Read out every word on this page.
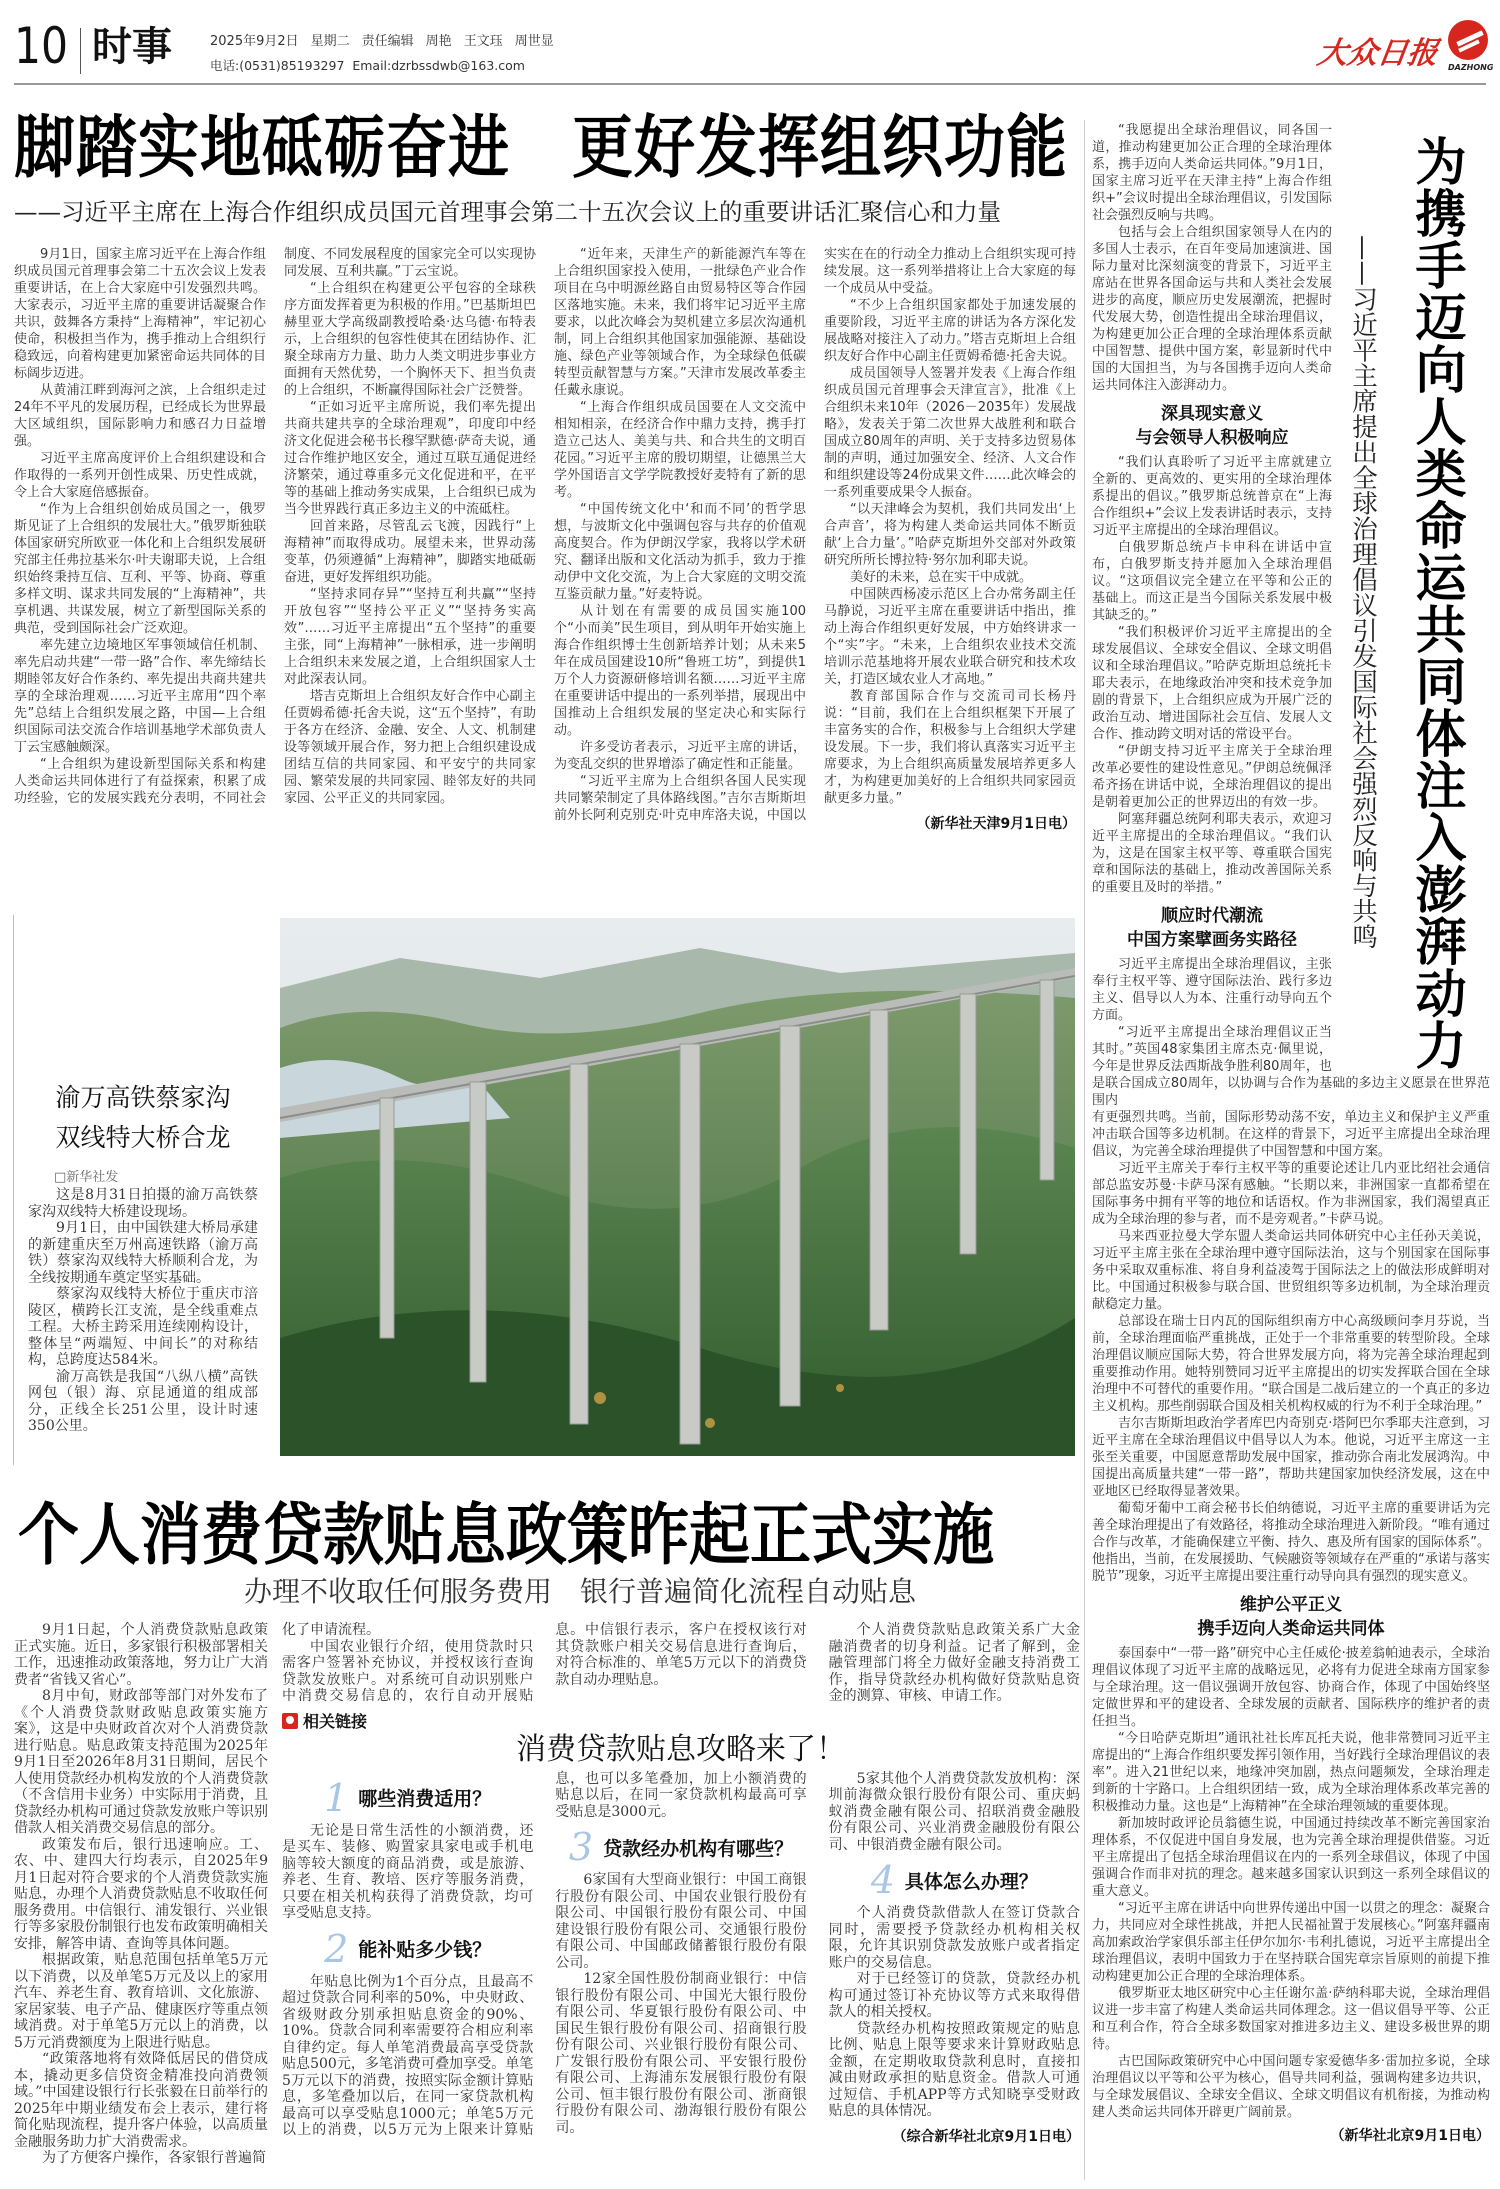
10 时事	2025年9月2日 星期二 责任编辑 周艳 王文珏 周世显
电话:(0531)85193297  Email:dzrbssdwb@163.com	大众日报 DAZHONG
脚踏实地砥砺奋进　更好发挥组织功能
——习近平主席在上海合作组织成员国元首理事会第二十五次会议上的重要讲话汇聚信心和力量

9月1日，国家主席习近平在上海合作组织成员国元首理事会第二十五次会议上发表重要讲话，在上合大家庭中引发强烈共鸣。大家表示，习近平主席的重要讲话凝聚合作共识，鼓舞各方秉持“上海精神”，牢记初心使命，积极担当作为，携手推动上合组织行稳致远，向着构建更加紧密命运共同体的目标阔步迈进。

从黄浦江畔到海河之滨，上合组织走过24年不平凡的发展历程，已经成长为世界最大区域组织，国际影响力和感召力日益增强。

习近平主席高度评价上合组织建设和合作取得的一系列开创性成果、历史性成就，令上合大家庭倍感振奋。

“作为上合组织创始成员国之一，俄罗斯见证了上合组织的发展壮大。”俄罗斯独联体国家研究所欧亚一体化和上合组织发展研究部主任弗拉基米尔·叶夫谢耶夫说，上合组织始终秉持互信、互利、平等、协商、尊重多样文明、谋求共同发展的“上海精神”，共享机遇、共谋发展，树立了新型国际关系的典范，受到国际社会广泛欢迎。

率先建立边境地区军事领域信任机制、率先启动共建“一带一路”合作、率先缔结长期睦邻友好合作条约、率先提出共商共建共享的全球治理观……习近平主席用“四个率先”总结上合组织发展之路，中国—上合组织国际司法交流合作培训基地学术部负责人丁云宝感触颇深。

“上合组织为建设新型国际关系和构建人类命运共同体进行了有益探索，积累了成功经验，它的发展实践充分表明，不同社会制度、不同发展程度的国家完全可以实现协同发展、互利共赢。”丁云宝说。

“上合组织在构建更公平包容的全球秩序方面发挥着更为积极的作用。”巴基斯坦巴赫里亚大学高级副教授哈桑·达乌德·布特表示，上合组织的包容性使其在团结协作、汇聚全球南方力量、助力人类文明进步事业方面拥有天然优势，一个胸怀天下、担当负责的上合组织，不断赢得国际社会广泛赞誉。

“正如习近平主席所说，我们率先提出共商共建共享的全球治理观”，印度印中经济文化促进会秘书长穆罕默德·萨奇夫说，通过合作维护地区安全，通过互联互通促进经济繁荣，通过尊重多元文化促进和平，在平等的基础上推动务实成果，上合组织已成为当今世界践行真正多边主义的中流砥柱。

回首来路，尽管乱云飞渡，因践行“上海精神”而取得成功。展望未来，世界动荡变革，仍须遵循“上海精神”，脚踏实地砥砺奋进，更好发挥组织功能。

“坚持求同存异”“坚持互利共赢”“坚持开放包容”“坚持公平正义”“坚持务实高效”……习近平主席提出“五个坚持”的重要主张，同“上海精神”一脉相承，进一步阐明上合组织未来发展之道，上合组织国家人士对此深表认同。

塔吉克斯坦上合组织友好合作中心副主任贾姆希德·托舍夫说，这“五个坚持”，有助于各方在经济、金融、安全、人文、机制建设等领域开展合作，努力把上合组织建设成团结互信的共同家园、和平安宁的共同家园、繁荣发展的共同家园、睦邻友好的共同家园、公平正义的共同家园。

“近年来，天津生产的新能源汽车等在上合组织国家投入使用，一批绿色产业合作项目在乌中明源丝路自由贸易特区等合作园区落地实施。未来，我们将牢记习近平主席要求，以此次峰会为契机建立多层次沟通机制，同上合组织其他国家加强能源、基础设施、绿色产业等领域合作，为全球绿色低碳转型贡献智慧与方案。”天津市发展改革委主任戴永康说。

“上海合作组织成员国要在人文交流中相知相亲，在经济合作中鼎力支持，携手打造立己达人、美美与共、和合共生的文明百花园。”习近平主席的殷切期望，让德黑兰大学外国语言文学学院教授好麦特有了新的思考。

“中国传统文化中‘和而不同’的哲学思想，与波斯文化中强调包容与共存的价值观高度契合。作为伊朗汉学家，我将以学术研究、翻译出版和文化活动为抓手，致力于推动伊中文化交流，为上合大家庭的文明交流互鉴贡献力量。”好麦特说。

从计划在有需要的成员国实施100个“小而美”民生项目，到从明年开始实施上海合作组织博士生创新培养计划；从未来5年在成员国建设10所“鲁班工坊”，到提供1万个人力资源研修培训名额……习近平主席在重要讲话中提出的一系列举措，展现出中国推动上合组织发展的坚定决心和实际行动。

许多受访者表示，习近平主席的讲话，为变乱交织的世界增添了确定性和正能量。

“习近平主席为上合组织各国人民实现共同繁荣制定了具体路线图。”吉尔吉斯斯坦前外长阿利克别克·叶克申库洛夫说，中国以实实在在的行动全力推动上合组织实现可持续发展。这一系列举措将让上合大家庭的每一个成员从中受益。

“不少上合组织国家都处于加速发展的重要阶段，习近平主席的讲话为各方深化发展战略对接注入了动力。”塔吉克斯坦上合组织友好合作中心副主任贾姆希德·托舍夫说。

成员国领导人签署并发表《上海合作组织成员国元首理事会天津宣言》，批准《上合组织未来10年（2026－2035年）发展战略》，发表关于第二次世界大战胜利和联合国成立80周年的声明、关于支持多边贸易体制的声明，通过加强安全、经济、人文合作和组织建设等24份成果文件……此次峰会的一系列重要成果令人振奋。

“以天津峰会为契机，我们共同发出‘上合声音’，将为构建人类命运共同体不断贡献‘上合力量’。”哈萨克斯坦外交部对外政策研究所所长博拉特·努尔加利耶夫说。

美好的未来，总在实干中成就。

中国陕西杨凌示范区上合办常务副主任马静说，习近平主席在重要讲话中指出，推动上海合作组织更好发展，中方始终讲求一个“实”字。“未来，上合组织农业技术交流培训示范基地将开展农业联合研究和技术攻关，打造区域农业人才高地。”

教育部国际合作与交流司司长杨丹说：“目前，我们在上合组织框架下开展了丰富务实的合作，积极参与上合组织大学建设发展。下一步，我们将认真落实习近平主席要求，为上合组织高质量发展培养更多人才，为构建更加美好的上合组织共同家园贡献更多力量。”

（新华社天津9月1日电）
渝万高铁蔡家沟
双线特大桥合龙
□新华社发

这是8月31日拍摄的渝万高铁蔡家沟双线特大桥建设现场。

9月1日，由中国铁建大桥局承建的新建重庆至万州高速铁路（渝万高铁）蔡家沟双线特大桥顺利合龙，为全线按期通车奠定坚实基础。

蔡家沟双线特大桥位于重庆市涪陵区，横跨长江支流，是全线重难点工程。大桥主跨采用连续刚构设计，整体呈“两端短、中间长”的对称结构，总跨度达584米。

渝万高铁是我国“八纵八横”高铁网包（银）海、京昆通道的组成部分，正线全长251公里，设计时速350公里。

为携手迈向人类命运共同体注入澎湃动力
——习近平主席提出全球治理倡议引发国际社会强烈反响与共鸣

“我愿提出全球治理倡议，同各国一道，推动构建更加公正合理的全球治理体系，携手迈向人类命运共同体。”9月1日，国家主席习近平在天津主持“上海合作组织+”会议时提出全球治理倡议，引发国际社会强烈反响与共鸣。

包括与会上合组织国家领导人在内的多国人士表示，在百年变局加速演进、国际力量对比深刻演变的背景下，习近平主席站在世界各国命运与共和人类社会发展进步的高度，顺应历史发展潮流，把握时代发展大势，创造性提出全球治理倡议，为构建更加公正合理的全球治理体系贡献中国智慧、提供中国方案，彰显新时代中国的大国担当，为与各国携手迈向人类命运共同体注入澎湃动力。

深具现实意义
与会领导人积极响应

“我们认真聆听了习近平主席就建立全新的、更高效的、更实用的全球治理体系提出的倡议。”俄罗斯总统普京在“上海合作组织+”会议上发表讲话时表示，支持习近平主席提出的全球治理倡议。

白俄罗斯总统卢卡申科在讲话中宣布，白俄罗斯支持并愿加入全球治理倡议。“这项倡议完全建立在平等和公正的基础上。而这正是当今国际关系发展中极其缺乏的。”

“我们积极评价习近平主席提出的全球发展倡议、全球安全倡议、全球文明倡议和全球治理倡议。”哈萨克斯坦总统托卡耶夫表示，在地缘政治冲突和技术竞争加剧的背景下，上合组织应成为开展广泛的政治互动、增进国际社会互信、发展人文合作、推动跨文明对话的常设平台。

“伊朗支持习近平主席关于全球治理改革必要性的建设性意见。”伊朗总统佩泽希齐扬在讲话中说，全球治理倡议的提出是朝着更加公正的世界迈出的有效一步。

阿塞拜疆总统阿利耶夫表示，欢迎习近平主席提出的全球治理倡议。“我们认为，这是在国家主权平等、尊重联合国宪章和国际法的基础上，推动改善国际关系的重要且及时的举措。”

顺应时代潮流
中国方案擘画务实路径

习近平主席提出全球治理倡议，主张奉行主权平等、遵守国际法治、践行多边主义、倡导以人为本、注重行动导向五个方面。

“习近平主席提出全球治理倡议正当其时。”英国48家集团主席杰克·佩里说，今年是世界反法西斯战争胜利80周年，也是联合国成立80周年，以协调与合作为基础的多边主义愿景在世界范围内

有更强烈共鸣。当前，国际形势动荡不安，单边主义和保护主义严重冲击联合国等多边机制。在这样的背景下，习近平主席提出全球治理倡议，为完善全球治理提供了中国智慧和中国方案。

习近平主席关于奉行主权平等的重要论述让几内亚比绍社会通信部总监安苏曼·卡萨马深有感触。“长期以来，非洲国家一直都希望在国际事务中拥有平等的地位和话语权。作为非洲国家，我们渴望真正成为全球治理的参与者，而不是旁观者。”卡萨马说。

马来西亚拉曼大学东盟人类命运共同体研究中心主任孙天美说，习近平主席主张在全球治理中遵守国际法治，这与个别国家在国际事务中采取双重标准、将自身利益凌驾于国际法之上的做法形成鲜明对比。中国通过积极参与联合国、世贸组织等多边机制，为全球治理贡献稳定力量。

总部设在瑞士日内瓦的国际组织南方中心高级顾问李月芬说，当前，全球治理面临严重挑战，正处于一个非常重要的转型阶段。全球治理倡议顺应国际大势，符合世界发展方向，将为完善全球治理起到重要推动作用。她特别赞同习近平主席提出的切实发挥联合国在全球治理中不可替代的重要作用。“联合国是二战后建立的一个真正的多边主义机构。那些削弱联合国及相关机构权威的行为不利于全球治理。”

吉尔吉斯斯坦政治学者库巴内奇别克·塔阿巴尔季耶夫注意到，习近平主席在全球治理倡议中倡导以人为本。他说，习近平主席这一主张至关重要，中国愿意帮助发展中国家，推动弥合南北发展鸿沟。中国提出高质量共建“一带一路”，帮助共建国家加快经济发展，这在中亚地区已经取得显著效果。

葡萄牙葡中工商会秘书长伯纳德说，习近平主席的重要讲话为完善全球治理提出了有效路径，将推动全球治理进入新阶段。“唯有通过合作与改革，才能确保建立平衡、持久、惠及所有国家的国际体系”。他指出，当前，在发展援助、气候融资等领域存在严重的“承诺与落实脱节”现象，习近平主席提出要注重行动导向具有强烈的现实意义。

维护公平正义
携手迈向人类命运共同体

泰国泰中“一带一路”研究中心主任威伦·披差翁帕迪表示，全球治理倡议体现了习近平主席的战略远见，必将有力促进全球南方国家参与全球治理。这一倡议强调开放包容、协商合作，体现了中国始终坚定做世界和平的建设者、全球发展的贡献者、国际秩序的维护者的责任担当。

“今日哈萨克斯坦”通讯社社长库瓦托夫说，他非常赞同习近平主席提出的“上海合作组织要发挥引领作用，当好践行全球治理倡议的表率”。进入21世纪以来，地缘冲突加剧，热点问题频发，全球治理走到新的十字路口。上合组织团结一致，成为全球治理体系改革完善的积极推动力量。这也是“上海精神”在全球治理领域的重要体现。

新加坡时政评论员翁德生说，中国通过持续改革不断完善国家治理体系，不仅促进中国自身发展，也为完善全球治理提供借鉴。习近平主席提出了包括全球治理倡议在内的一系列全球倡议，体现了中国强调合作而非对抗的理念。越来越多国家认识到这一系列全球倡议的重大意义。

“习近平主席在讲话中向世界传递出中国一以贯之的理念：凝聚合力，共同应对全球性挑战，并把人民福祉置于发展核心。”阿塞拜疆南高加索政治学家俱乐部主任伊尔加尔·韦利扎德说，习近平主席提出全球治理倡议，表明中国致力于在坚持联合国宪章宗旨原则的前提下推动构建更加公正合理的全球治理体系。

俄罗斯亚太地区研究中心主任谢尔盖·萨纳科耶夫说，全球治理倡议进一步丰富了构建人类命运共同体理念。这一倡议倡导平等、公正和互利合作，符合全球多数国家对推进多边主义、建设多极世界的期待。

古巴国际政策研究中心中国问题专家爱德华多·雷加拉多说，全球治理倡议以平等和公平为核心，倡导共同利益，强调构建多边共识，与全球发展倡议、全球安全倡议、全球文明倡议有机衔接，为推动构建人类命运共同体开辟更广阔前景。

（新华社北京9月1日电）
个人消费贷款贴息政策昨起正式实施
办理不收取任何服务费用　银行普遍简化流程自动贴息

9月1日起，个人消费贷款贴息政策正式实施。近日，多家银行积极部署相关工作，迅速推动政策落地，努力让广大消费者“省钱又省心”。

8月中旬，财政部等部门对外发布了《个人消费贷款财政贴息政策实施方案》，这是中央财政首次对个人消费贷款进行贴息。贴息政策支持范围为2025年9月1日至2026年8月31日期间，居民个人使用贷款经办机构发放的个人消费贷款（不含信用卡业务）中实际用于消费，且贷款经办机构可通过贷款发放账户等识别借款人相关消费交易信息的部分。

政策发布后，银行迅速响应。工、农、中、建四大行均表示，自2025年9月1日起对符合要求的个人消费贷款实施贴息，办理个人消费贷款贴息不收取任何服务费用。中信银行、浦发银行、兴业银行等多家股份制银行也发布政策明确相关安排，解答申请、查询等具体问题。

根据政策，贴息范围包括单笔5万元以下消费，以及单笔5万元及以上的家用汽车、养老生育、教育培训、文化旅游、家居家装、电子产品、健康医疗等重点领域消费。对于单笔5万元以上的消费，以5万元消费额度为上限进行贴息。

“政策落地将有效降低居民的借贷成本，撬动更多信贷资金精准投向消费领域。”中国建设银行行长张毅在日前举行的2025年中期业绩发布会上表示，建行将简化贴现流程，提升客户体验，以高质量金融服务助力扩大消费需求。

为了方便客户操作，各家银行普遍简

化了申请流程。

中国农业银行介绍，使用贷款时只需客户签署补充协议，并授权该行查询贷款发放账户。对系统可自动识别账户中消费交易信息的，农行自动开展贴息。中信银行表示，客户在授权该行对其贷款账户相关交易信息进行查询后，对符合标准的、单笔5万元以下的消费贷款自动办理贴息。

个人消费贷款贴息政策关系广大金融消费者的切身利益。记者了解到，金融管理部门将全力做好金融支持消费工作，指导贷款经办机构做好贷款贴息资金的测算、审核、申请工作。

相关链接
消费贷款贴息攻略来了！
1 哪些消费适用？

无论是日常生活性的小额消费，还是买车、装修、购置家具家电或手机电脑等较大额度的商品消费，或是旅游、养老、生育、教培、医疗等服务消费，只要在相关机构获得了消费贷款，均可享受贴息支持。

2 能补贴多少钱？

年贴息比例为1个百分点，且最高不超过贷款合同利率的50%，中央财政、省级财政分别承担贴息资金的90%、10%。贷款合同利率需要符合相应利率自律约定。每人单笔消费最高享受贷款贴息500元，多笔消费可叠加享受。单笔5万元以下的消费，按照实际金额计算贴息，多笔叠加以后，在同一家贷款机构最高可以享受贴息1000元；单笔5万元以上的消费，以5万元为上限来计算贴息，也可以多笔叠加，加上小额消费的贴息以后，在同一家贷款机构最高可享受贴息是3000元。

3 贷款经办机构有哪些？

6家国有大型商业银行：中国工商银行股份有限公司、中国农业银行股份有限公司、中国银行股份有限公司、中国建设银行股份有限公司、交通银行股份有限公司、中国邮政储蓄银行股份有限公司。

12家全国性股份制商业银行：中信银行股份有限公司、中国光大银行股份有限公司、华夏银行股份有限公司、中国民生银行股份有限公司、招商银行股份有限公司、兴业银行股份有限公司、广发银行股份有限公司、平安银行股份有限公司、上海浦东发展银行股份有限公司、恒丰银行股份有限公司、浙商银行股份有限公司、渤海银行股份有限公司。

5家其他个人消费贷款发放机构：深圳前海微众银行股份有限公司、重庆蚂蚁消费金融有限公司、招联消费金融股份有限公司、兴业消费金融股份有限公司、中银消费金融有限公司。

4 具体怎么办理？

个人消费贷款借款人在签订贷款合同时，需要授予贷款经办机构相关权限，允许其识别贷款发放账户或者指定账户的交易信息。

对于已经签订的贷款，贷款经办机构可通过签订补充协议等方式来取得借款人的相关授权。

贷款经办机构按照政策规定的贴息比例、贴息上限等要求来计算财政贴息金额，在定期收取贷款利息时，直接扣减由财政承担的贴息资金。借款人可通过短信、手机APP等方式知晓享受财政贴息的具体情况。

（综合新华社北京9月1日电）
